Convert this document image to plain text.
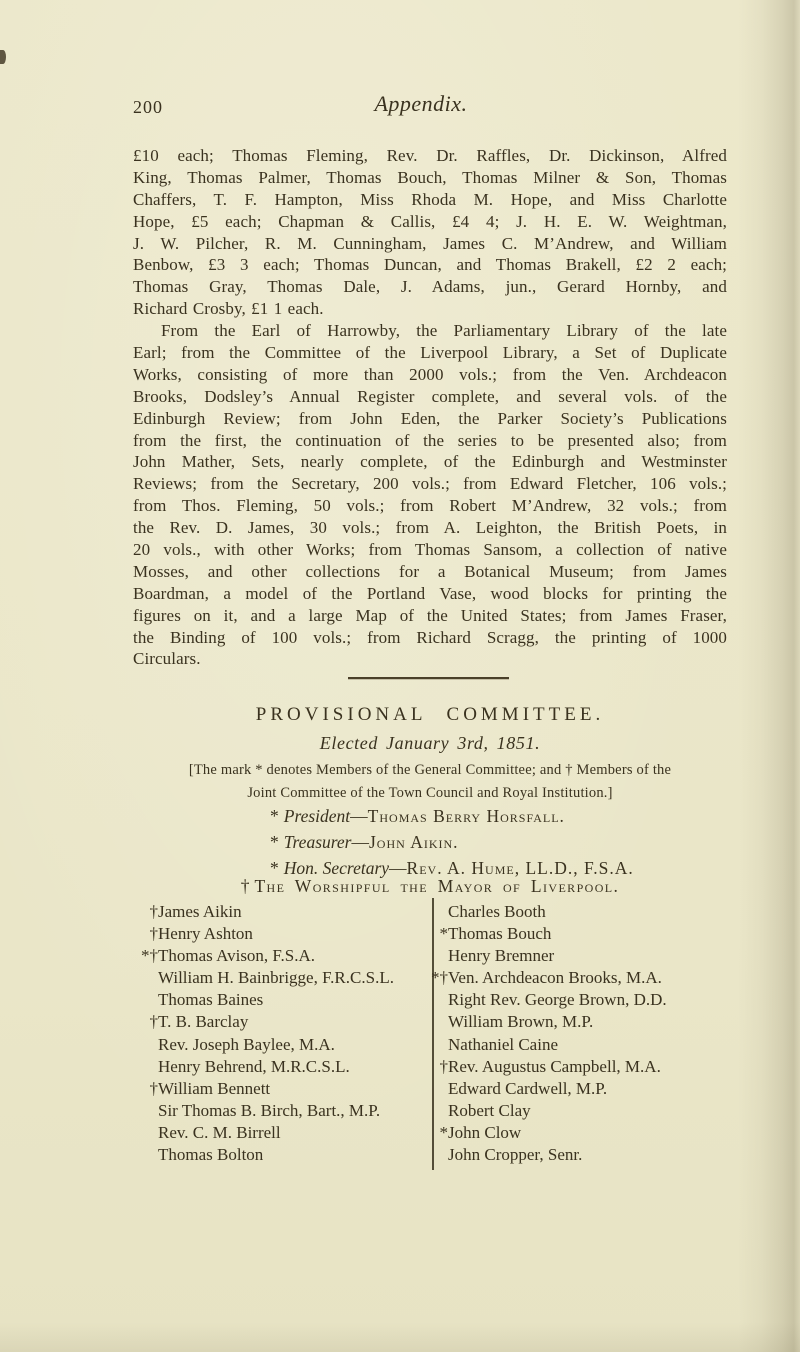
200	Appendix.
£10 each; Thomas Fleming, Rev. Dr. Raffles, Dr. Dickinson, Alfred
King, Thomas Palmer, Thomas Bouch, Thomas Milner & Son, Thomas
Chaffers, T. F. Hampton, Miss Rhoda M. Hope, and Miss Charlotte
Hope, £5 each; Chapman & Callis, £4 4; J. H. E. W. Weightman,
J. W. Pilcher, R. M. Cunningham, James C. M’Andrew, and William
Benbow, £3 3 each; Thomas Duncan, and Thomas Brakell, £2 2 each;
Thomas Gray, Thomas Dale, J. Adams, jun., Gerard Hornby, and
Richard Crosby, £1 1 each.
From the Earl of Harrowby, the Parliamentary Library of the late
Earl; from the Committee of the Liverpool Library, a Set of Duplicate
Works, consisting of more than 2000 vols.; from the Ven. Archdeacon
Brooks, Dodsley’s Annual Register complete, and several vols. of the
Edinburgh Review; from John Eden, the Parker Society’s Publications
from the first, the continuation of the series to be presented also; from
John Mather, Sets, nearly complete, of the Edinburgh and Westminster
Reviews; from the Secretary, 200 vols.; from Edward Fletcher, 106 vols.;
from Thos. Fleming, 50 vols.; from Robert M’Andrew, 32 vols.; from
the Rev. D. James, 30 vols.; from A. Leighton, the British Poets, in
20 vols., with other Works; from Thomas Sansom, a collection of native
Mosses, and other collections for a Botanical Museum; from James
Boardman, a model of the Portland Vase, wood blocks for printing the
figures on it, and a large Map of the United States; from James Fraser,
the Binding of 100 vols.; from Richard Scragg, the printing of 1000
Circulars.
PROVISIONAL COMMITTEE.
Elected January 3rd, 1851.
[The mark * denotes Members of the General Committee; and † Members of the
Joint Committee of the Town Council and Royal Institution.]
* President—Thomas Berry Horsfall.
* Treasurer—John Aikin.
* Hon. Secretary—Rev. A. Hume, LL.D., F.S.A.
† The Worshipful the Mayor of Liverpool.
†James Aikin
†Henry Ashton
*†Thomas Avison, F.S.A.
William H. Bainbrigge, F.R.C.S.L.
Thomas Baines
†T. B. Barclay
Rev. Joseph Baylee, M.A.
Henry Behrend, M.R.C.S.L.
†William Bennett
Sir Thomas B. Birch, Bart., M.P.
Rev. C. M. Birrell
Thomas Bolton
Charles Booth
*Thomas Bouch
Henry Bremner
*†Ven. Archdeacon Brooks, M.A.
Right Rev. George Brown, D.D.
William Brown, M.P.
Nathaniel Caine
†Rev. Augustus Campbell, M.A.
Edward Cardwell, M.P.
Robert Clay
*John Clow
John Cropper, Senr.
